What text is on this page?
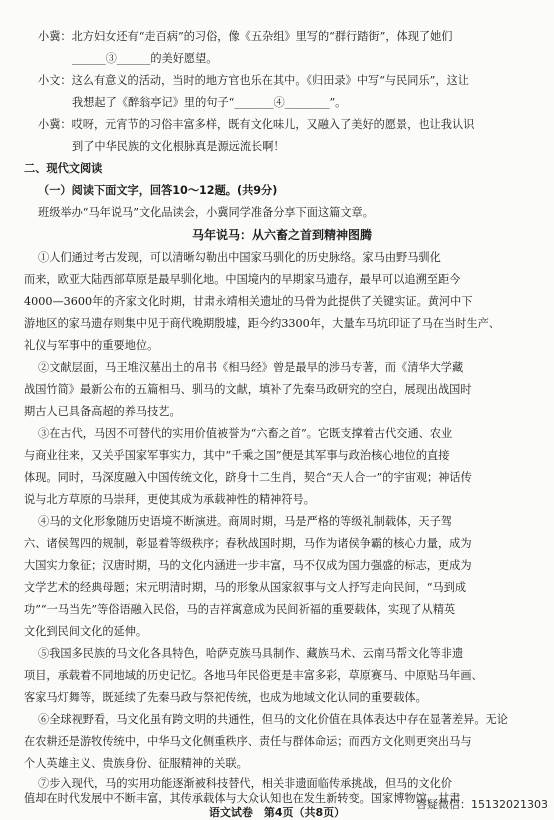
小冀：北方妇女还有“走百病”的习俗，像《五杂组》里写的“群行踏街”，体现了她们
______③______的美好愿望。
小文：这么有意义的活动，当时的地方官也乐在其中。《归田录》中写“与民同乐”，这让
我想起了《醉翁亭记》里的句子“_______④________”。
小冀：哎呀，元宵节的习俗丰富多样，既有文化味儿，又融入了美好的愿景，也让我认识
到了中华民族的文化根脉真是源远流长啊！
二、现代文阅读
（一）阅读下面文字，回答10～12题。(共9分)
班级举办“马年说马”文化品读会，小冀同学准备分享下面这篇文章。
马年说马：从六畜之首到精神图腾
①人们通过考古发现，可以清晰勾勒出中国家马驯化的历史脉络。家马由野马驯化
而来，欧亚大陆西部草原是最早驯化地。中国境内的早期家马遗存，最早可以追溯至距今
4000—3600年的齐家文化时期，甘肃永靖相关遗址的马骨为此提供了关键实证。黄河中下
游地区的家马遗存则集中见于商代晚期殷墟，距今约3300年，大量车马坑印证了马在当时生产、
礼仪与军事中的重要地位。
②文献层面，马王堆汉墓出土的帛书《相马经》曾是最早的涉马专著，而《清华大学藏
战国竹简》最新公布的五篇相马、驯马的文献，填补了先秦马政研究的空白，展现出战国时
期古人已具备高超的养马技艺。
③在古代，马因不可替代的实用价值被誉为“六畜之首”。它既支撑着古代交通、农业
与商业往来，又关乎国家军事实力，其中“千乘之国”便是其军事与政治核心地位的直接
体现。同时，马深度融入中国传统文化，跻身十二生肖，契合“天人合一”的宇宙观；神话传
说与北方草原的马崇拜，更使其成为承载神性的精神符号。
④马的文化形象随历史语境不断演进。商周时期，马是严格的等级礼制载体，天子驾
六、诸侯驾四的规制，彰显着等级秩序；春秋战国时期，马作为诸侯争霸的核心力量，成为
大国实力象征；汉唐时期，马的文化内涵进一步丰富，马不仅成为国力强盛的标志，更成为
文学艺术的经典母题；宋元明清时期，马的形象从国家叙事与文人抒写走向民间，“马到成
功”“一马当先”等俗语融入民俗，马的吉祥寓意成为民间祈福的重要载体，实现了从精英
文化到民间文化的延伸。
⑤我国多民族的马文化各具特色，哈萨克族马具制作、藏族马术、云南马帮文化等非遗
项目，承载着不同地域的历史记忆。各地马年民俗更是丰富多彩，草原赛马、中原贴马年画、
客家马灯舞等，既延续了先秦马政与祭祀传统，也成为地域文化认同的重要载体。
⑥全球视野看，马文化虽有跨文明的共通性，但马的文化价值在具体表达中存在显著差异。无论
在农耕还是游牧传统中，中华马文化侧重秩序、责任与群体命运；而西方文化则更突出马与
个人英雄主义、贵族身份、征服精神的关联。
⑦步入现代，马的实用功能逐渐被科技替代，相关非遗面临传承挑战，但马的文化价
值却在时代发展中不断丰富，其传承载体与大众认知也在发生新转变。国家博物馆、甘肃
语文试卷　第4页（共8页）
答疑微信：15132021303
